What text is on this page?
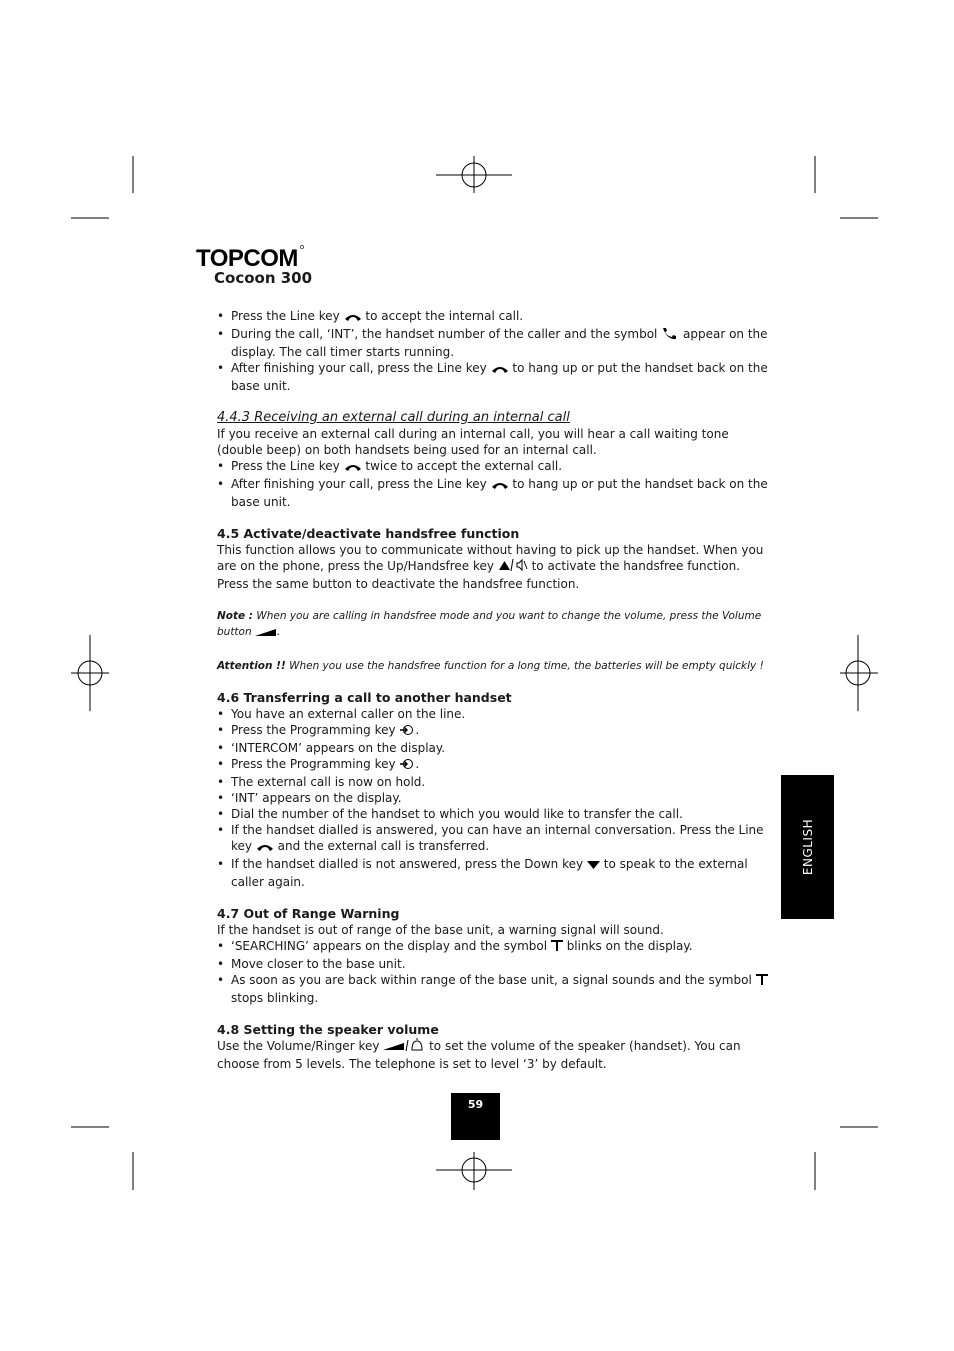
TOPCOM

Cocoon 300

• Press the Line key  to accept the internal call.
• During the call, ‘INT’, the handset number of the caller and the symbol  appear on the display. The call timer starts running.
• After finishing your call, press the Line key  to hang up or put the handset back on the base unit.
4.4.3 Receiving an external call during an internal call

If you receive an external call during an internal call, you will hear a call waiting tone (double beep) on both handsets being used for an internal call.

• Press the Line key  twice to accept the external call.
• After finishing your call, press the Line key  to hang up or put the handset back on the base unit.
4.5 Activate/deactivate handsfree function

This function allows you to communicate without having to pick up the handset. When you are on the phone, press the Up/Handsfree key	to activate the handsfree function.

Press the same button to deactivate the handsfree function.

Note : When you are calling in handsfree mode and you want to change the volume, press the Volume button .

Attention !! When you use the handsfree function for a long time, the batteries will be empty quickly !

4.6 Transferring a call to another handset
• You have an external caller on the line.
• Press the Programming key .
• ‘INTERCOM’ appears on the display.
• Press the Programming key .
• The external call is now on hold.
• ‘INT’ appears on the display.
• Dial the number of the handset to which you would like to transfer the call.
• If the handset dialled is answered, you can have an internal conversation. Press the Line key  and the external call is transferred.
• If the handset dialled is not answered, press the Down key  to speak to the external caller again.
4.7 Out of Range Warning

If the handset is out of range of the base unit, a warning signal will sound.

• ‘SEARCHING’ appears on the display and the symbol  blinks on the display.
• Move closer to the base unit.
• As soon as you are back within range of the base unit, a signal sounds and the symbol  stops blinking.
4.8 Setting the speaker volume

Use the Volume/Ringer key	to set the volume of the speaker (handset). You can choose from 5 levels. The telephone is set to level ‘3’ by default.

ENGLISH
59
